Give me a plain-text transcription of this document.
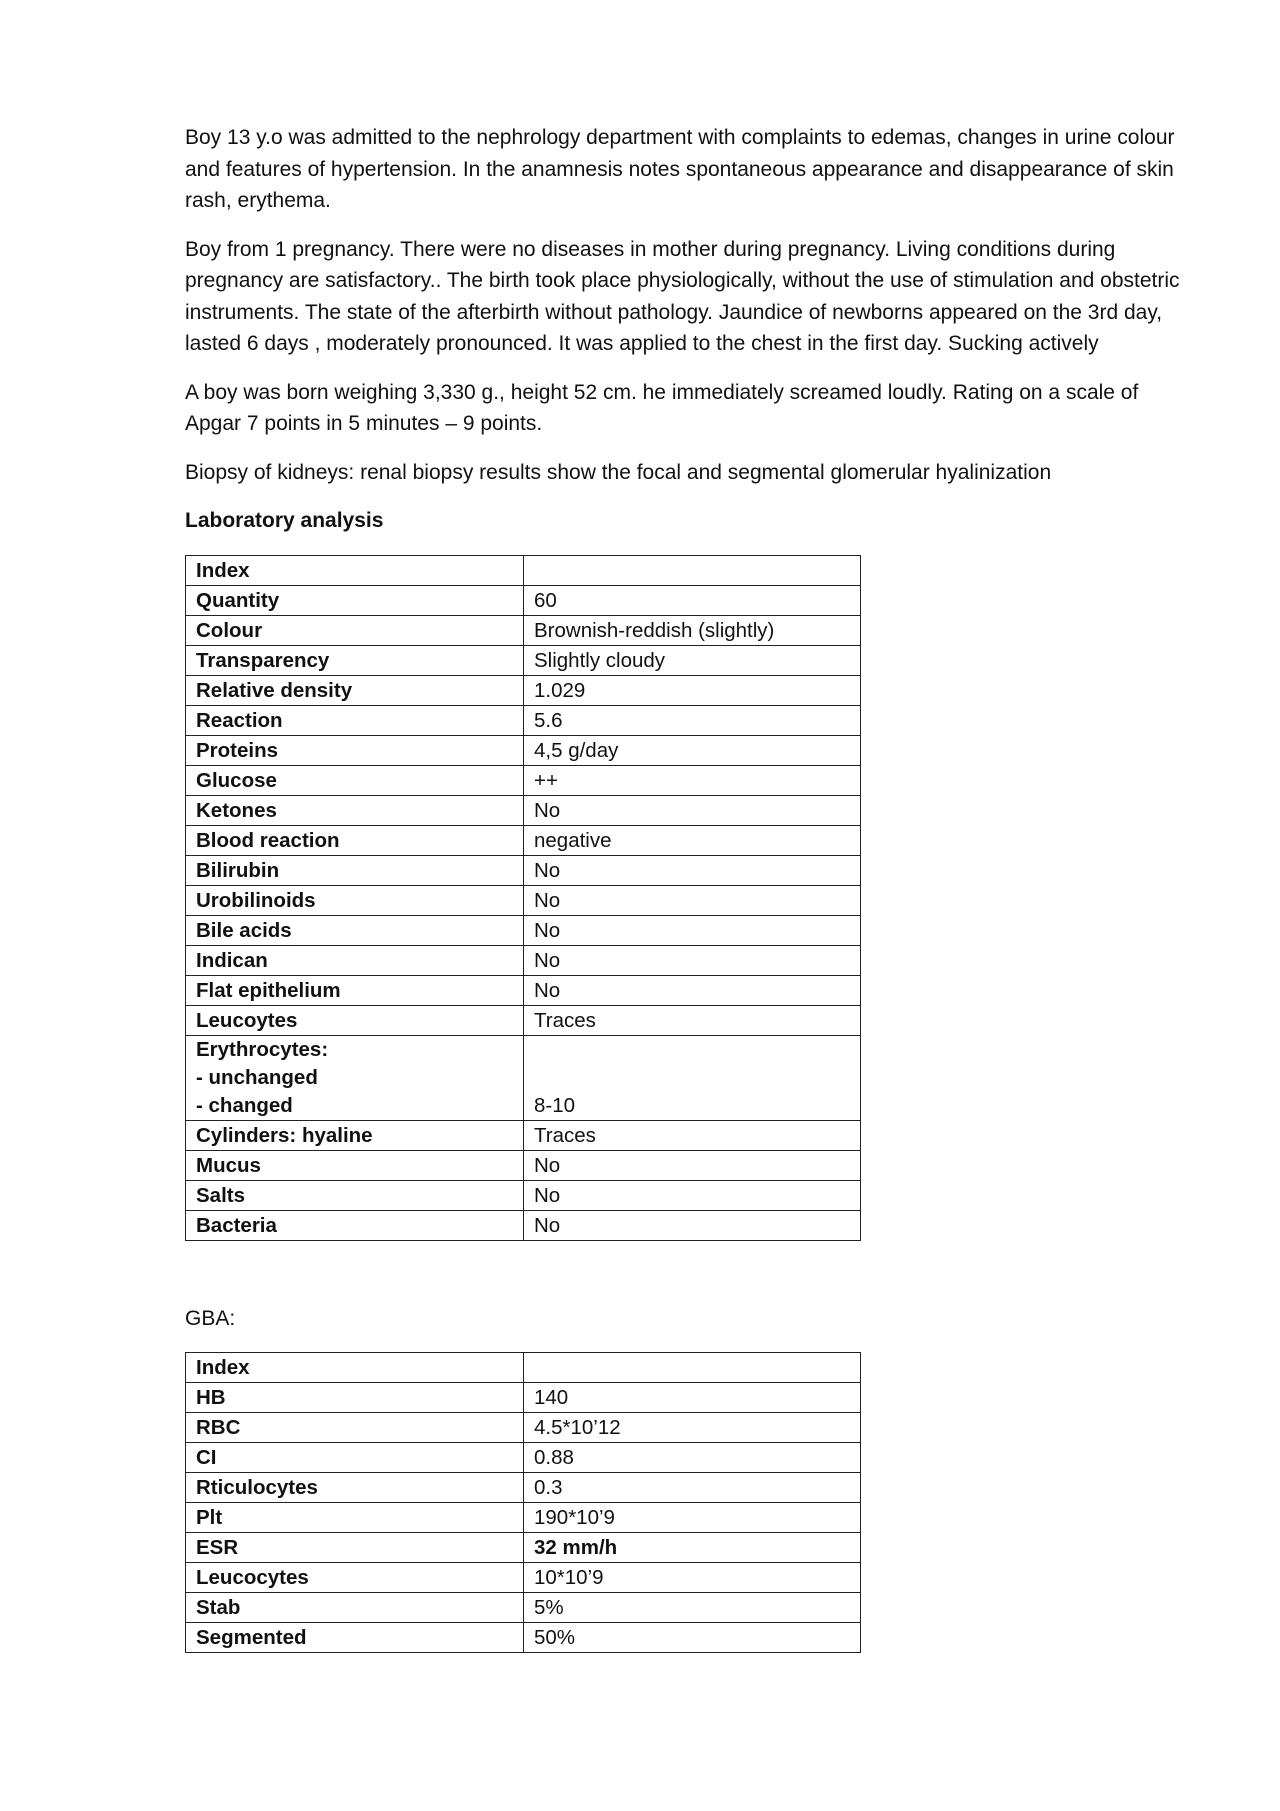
Boy 13 y.o was admitted to the nephrology department with complaints to edemas, changes in urine colour and features of hypertension. In the anamnesis notes spontaneous appearance and disappearance of skin rash, erythema.

Boy from 1 pregnancy. There were no diseases in mother during pregnancy. Living conditions during pregnancy are satisfactory.. The birth took place physiologically, without the use of stimulation and obstetric instruments. The state of the afterbirth without pathology. Jaundice of newborns appeared on the 3rd day, lasted 6 days , moderately pronounced. It was applied to the chest in the first day. Sucking actively

A boy was born weighing 3,330 g., height 52 cm. he immediately screamed loudly. Rating on a scale of Apgar 7 points in 5 minutes – 9 points.

Biopsy of kidneys: renal biopsy results show the focal and segmental glomerular hyalinization

Laboratory analysis
Index	
Quantity	60
Colour	Brownish-reddish (slightly)
Transparency	Slightly cloudy
Relative density	1.029
Reaction	5.6
Proteins	4,5 g/day
Glucose	++
Ketones	No
Blood reaction	negative
Bilirubin	No
Urobilinoids	No
Bile acids	No
Indican	No
Flat epithelium	No
Leucoytes	Traces

Erythrocytes:
- unchanged
- changed	8-10
Cylinders: hyaline	Traces
Mucus	No
Salts	No
Bacteria	No
GBA:
Index	
HB	140
RBC	4.5*10’12
CI	0.88
Rticulocytes	0.3
Plt	190*10’9
ESR	32 mm/h
Leucocytes	10*10’9
Stab	5%
Segmented	50%
